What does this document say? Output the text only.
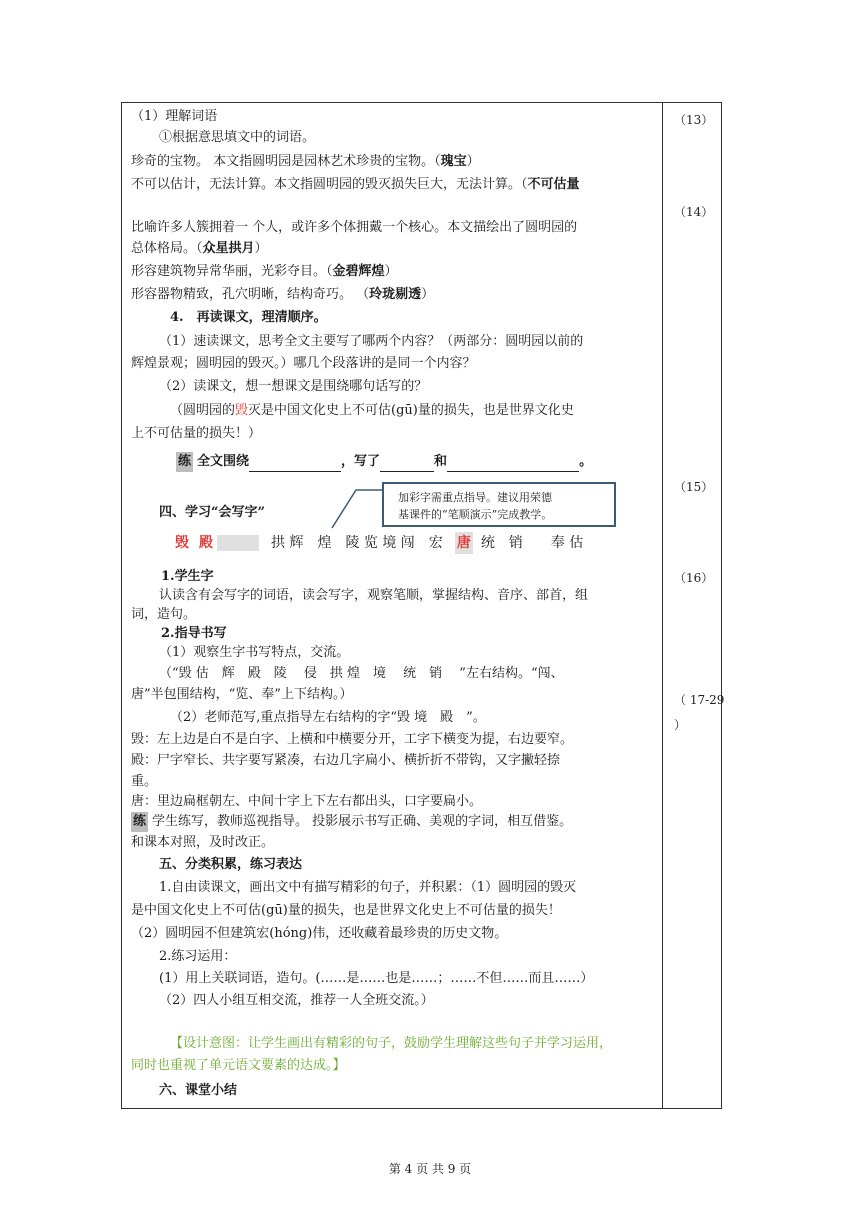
（1）理解词语
①根据意思填文中的词语。
珍奇的宝物。 本文指圆明园是园林艺术珍贵的宝物。（瑰宝）
不可以估计，无法计算。本文指圆明园的毁灭损失巨大，无法计算。（不可估量
比喻许多人簇拥着一 个人，或许多个体拥戴一个核心。本文描绘出了圆明园的
总体格局。（众星拱月）
形容建筑物异常华丽，光彩夺目。（金碧辉煌）
形容器物精致，孔穴明晰，结构奇巧。 （玲珑剔透）
4.　再读课文，理清顺序。
（1）速读课文，思考全文主要写了哪两个内容？（两部分：圆明园以前的
辉煌景观；圆明园的毁灭。）哪几个段落讲的是同一个内容？
（2）读课文，想一想课文是围绕哪句话写的？
（圆明园的毁灭是中国文化史上不可估(gū)量的损失，也是世界文化史
上不可估量的损失！）
练 全文围绕	，写了	和	。
四、学习“会写字”
加彩字需重点指导。建议用荣德
基课件的“笔顺演示”完成教学。
毁 殿	拱 辉　煌　陵 览 境 闯　宏 唐 统　销　　奉 估
1.学生字
认读含有会写字的词语，读会写字，观察笔顺，掌握结构、音序、部首，组
词，造句。
2.指导书写
（1）观察生字书写特点，交流。
（“毁 估　辉　殿　陵　 侵　拱 煌　境　 统　销　 ”左右结构。“闯、
唐”半包围结构，“览、奉”上下结构。）
（2）老师范写,重点指导左右结构的字“毁 境　殿　”。
毁：左上边是白不是白字、上横和中横要分开，工字下横变为提，右边要窄。
殿：尸字窄长、共字要写紧凑，右边几字扁小、横折折不带钩，又字撇轻捺
重。
唐：里边扁框朝左、中间十字上下左右都出头，口字要扁小。
练 学生练写，教师巡视指导。 投影展示书写正确、美观的字词，相互借鉴。
和课本对照，及时改正。
五、分类积累，练习表达
1.自由读课文，画出文中有描写精彩的句子，并积累：（1）圆明园的毁灭
是中国文化史上不可估(gū)量的损失，也是世界文化史上不可估量的损失！
（2）圆明园不但建筑宏(hóng)伟，还收藏着最珍贵的历史文物。
2.练习运用：
(1）用上关联词语，造句。(……是……也是……；……不但……而且……）
（2）四人小组互相交流，推荐一人全班交流。）
【设计意图：让学生画出有精彩的句子，鼓励学生理解这些句子并学习运用，
同时也重视了单元语文要素的达成。】
六、课堂小结
（13）
（14）
（15）
（16）
（ 17-29
）
第 4 页 共 9 页
